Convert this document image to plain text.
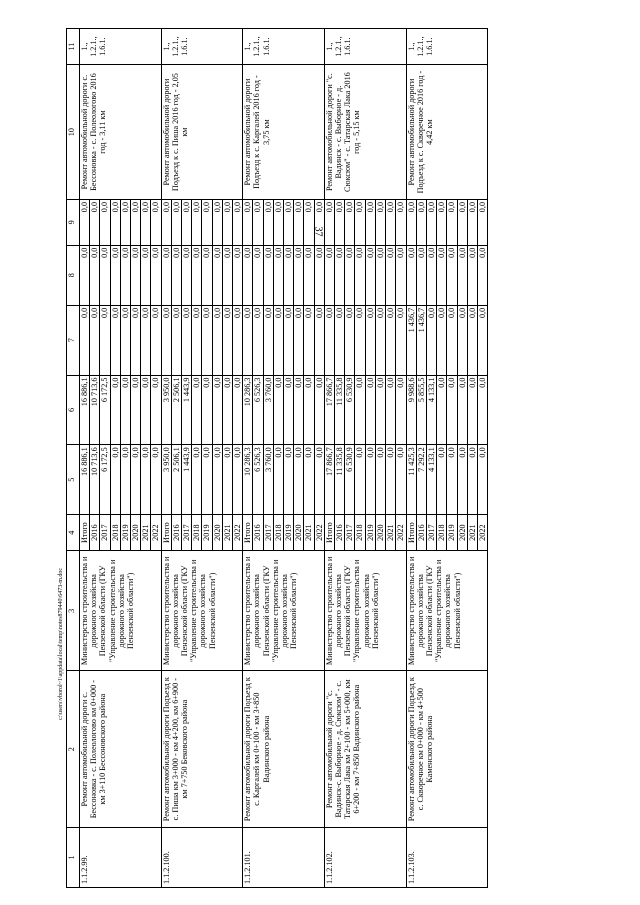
37
c:\users\vborol~1\appdata\local\temp\notes879440\6473-m.doc
1	2	3	4	5	6	7	8	9	10	11
1.1.2.99.	Ремонт автомобильной дороги с. Бессоновка - с. Полеологово км 0+000 - км 3+110 Бессоновского района	Министерство строительства и дорожного хозяйства Пензенской области (ГКУ "Управление строительства и дорожного хозяйства Пензенской области")	Итого	16 886,1	16 886,1	0,0	0,0	0,0	Ремонт автомобильной дороги с. Бессоновка - с. Полеологово 2016 год - 3,11 км	1., 1.2.1., 1.6.1.
			2016	10 713,6	10 713,6	0,0	0,0	0,0		
			2017	6 172,5	6 172,5	0,0	0,0	0,0		
			2018	0,0	0,0	0,0	0,0	0,0		
			2019	0,0	0,0	0,0	0,0	0,0		
			2020	0,0	0,0	0,0	0,0	0,0		
			2021	0,0	0,0	0,0	0,0	0,0		
			2022	0,0	0,0	0,0	0,0	0,0		
1.1.2.100.	Ремонт автомобильной дороги Подъезд к с. Пиша км 3+000 - км 4+200, км 6+900 - км 7+750 Бековского района	Министерство строительства и дорожного хозяйства Пензенской области (ГКУ "Управление строительства и дорожного хозяйства Пензенской области")	Итого	3 950,0	3 950,0	0,0	0,0	0,0	Ремонт автомобильной дороги Подъезд к с. Пиша 2016 год - 2,05 км	1., 1.2.1., 1.6.1.
			2016	2 506,1	2 506,1	0,0	0,0	0,0		
			2017	1 443,9	1 443,9	0,0	0,0	0,0		
			2018	0,0	0,0	0,0	0,0	0,0		
			2019	0,0	0,0	0,0	0,0	0,0		
			2020	0,0	0,0	0,0	0,0	0,0		
			2021	0,0	0,0	0,0	0,0	0,0		
			2022	0,0	0,0	0,0	0,0	0,0		
1.1.2.101.	Ремонт автомобильной дороги Подъезд к с. Каргалей км 0+100 - км 3+850 Вадинского района	Министерство строительства и дорожного хозяйства Пензенской области (ГКУ "Управление строительства и дорожного хозяйства Пензенской области")	Итого	10 286,3	10 286,3	0,0	0,0	0,0	Ремонт автомобильной дороги Подъезд к с. Каргалей 2016 год - 3,75 км	1., 1.2.1., 1.6.1.
			2016	6 526,3	6 526,3	0,0	0,0	0,0		
			2017	3 760,0	3 760,0	0,0	0,0	0,0		
			2018	0,0	0,0	0,0	0,0	0,0		
			2019	0,0	0,0	0,0	0,0	0,0		
			2020	0,0	0,0	0,0	0,0	0,0		
			2021	0,0	0,0	0,0	0,0	0,0		
			2022	0,0	0,0	0,0	0,0	0,0		
1.1.2.102.	Ремонт автомобильной дороги "с. Вадинск-с. Выборное - д. Сюксюм" - с. Татарская Лака км 2+100 - км 5+000, км 6+200 - км 7+850 Вадинского района	Министерство строительства и дорожного хозяйства Пензенской области (ГКУ "Управление строительства и дорожного хозяйства Пензенской области")	Итого	17 866,7	17 866,7	0,0	0,0	0,0	Ремонт автомобильной дороги "с. Вадинск - с. Выборное - д. Сюксюм" - с. Татарская Лака 2016 год - 5,15 км	1., 1.2.1., 1.6.1.
			2016	11 335,8	11 335,8	0,0	0,0	0,0		
			2017	6 530,9	6 530,9	0,0	0,0	0,0		
			2018	0,0	0,0	0,0	0,0	0,0		
			2019	0,0	0,0	0,0	0,0	0,0		
			2020	0,0	0,0	0,0	0,0	0,0		
			2021	0,0	0,0	0,0	0,0	0,0		
			2022	0,0	0,0	0,0	0,0	0,0		
1.1.2.103.	Ремонт автомобильной дороги Подъезд к с. Скворечное км 0+000 - км 4+500 Каменского района	Министерство строительства и дорожного хозяйства Пензенской области (ГКУ "Управление строительства и дорожного хозяйства Пензенской области")	Итого	11 425,3	9 988,6	1 436,7	0,0	0,0	Ремонт автомобильной дороги Подъезд к с. Скворечное 2016 год - 4,42 км	1., 1.2.1., 1.6.1.
			2016	7 292,2	5 855,5	1 436,7	0,0	0,0		
			2017	4 133,1	4 133,1	0,0	0,0	0,0		
			2018	0,0	0,0	0,0	0,0	0,0		
			2019	0,0	0,0	0,0	0,0	0,0		
			2020	0,0	0,0	0,0	0,0	0,0		
			2021	0,0	0,0	0,0	0,0	0,0		
			2022	0,0	0,0	0,0	0,0	0,0		
